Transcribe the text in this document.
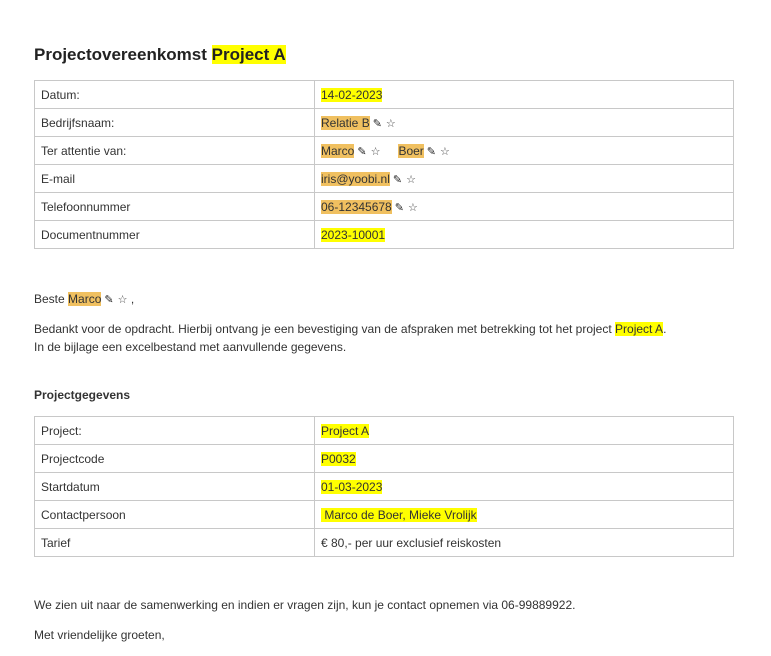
Projectovereenkomst Project A
Datum:	14-02-2023
Bedrijfsnaam:	Relatie B ✎ ☆
Ter attentie van:	Marco ✎ ☆ Boer ✎ ☆
E-mail	iris@yoobi.nl ✎ ☆
Telefoonnummer	06-12345678 ✎ ☆
Documentnummer	2023-10001
Beste Marco ✎ ☆ ,
Bedankt voor de opdracht. Hierbij ontvang je een bevestiging van de afspraken met betrekking tot het project Project A.
In de bijlage een excelbestand met aanvullende gegevens.
Projectgegevens
Project:	Project A
Projectcode	P0032
Startdatum	01-03-2023
Contactpersoon	Marco de Boer, Mieke Vrolijk
Tarief	€ 80,- per uur exclusief reiskosten
We zien uit naar de samenwerking en indien er vragen zijn, kun je contact opnemen via 06-99889922.
Met vriendelijke groeten,
